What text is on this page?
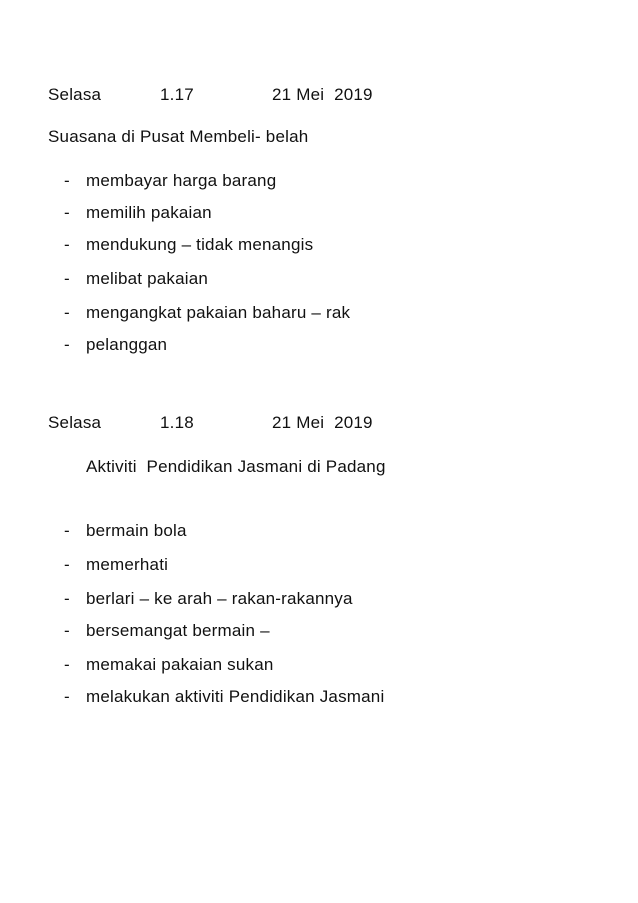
Selasa	1.17	21 Mei  2019
Suasana di Pusat Membeli- belah
- membayar harga barang
- memilih pakaian
- mendukung – tidak menangis
- melibat pakaian
- mengangkat pakaian baharu – rak
- pelanggan
Selasa	1.18	21 Mei  2019
Aktiviti  Pendidikan Jasmani di Padang
- bermain bola
- memerhati
- berlari – ke arah – rakan-rakannya
- bersemangat bermain –
- memakai pakaian sukan
- melakukan aktiviti Pendidikan Jasmani
